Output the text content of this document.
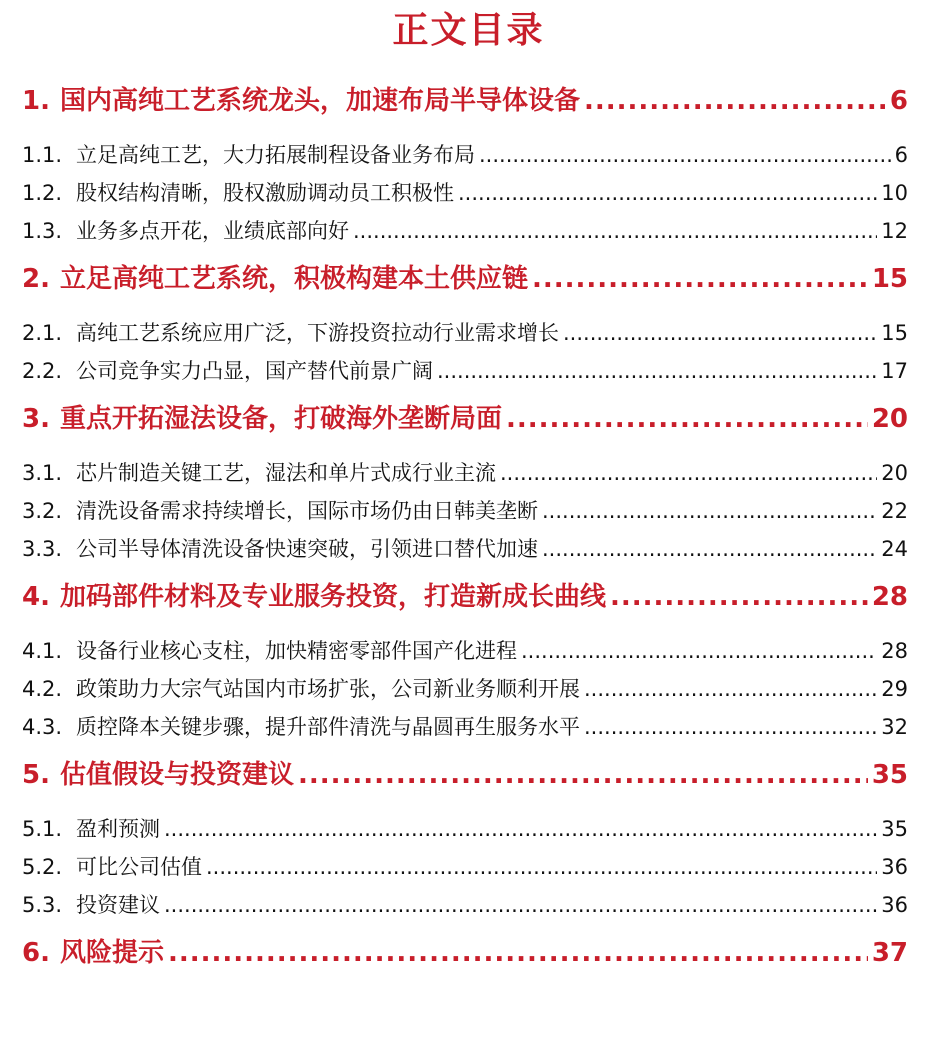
正文目录
1. 国内高纯工艺系统龙头，加速布局半导体设备 .....	6
1.1. 立足高纯工艺，大力拓展制程设备业务布局 .....	6
1.2. 股权结构清晰，股权激励调动员工积极性 .....	10
1.3. 业务多点开花，业绩底部向好 .....	12
2. 立足高纯工艺系统，积极构建本土供应链 .....	15
2.1. 高纯工艺系统应用广泛，下游投资拉动行业需求增长 .....	15
2.2. 公司竞争实力凸显，国产替代前景广阔 .....	17
3. 重点开拓湿法设备，打破海外垄断局面 .....	20
3.1. 芯片制造关键工艺，湿法和单片式成行业主流 .....	20
3.2. 清洗设备需求持续增长，国际市场仍由日韩美垄断 .....	22
3.3. 公司半导体清洗设备快速突破，引领进口替代加速 .....	24
4. 加码部件材料及专业服务投资，打造新成长曲线 .....	28
4.1. 设备行业核心支柱，加快精密零部件国产化进程 .....	28
4.2. 政策助力大宗气站国内市场扩张，公司新业务顺利开展 .....	29
4.3. 质控降本关键步骤，提升部件清洗与晶圆再生服务水平 .....	32
5. 估值假设与投资建议 .....	35
5.1. 盈利预测 .....	35
5.2. 可比公司估值 .....	36
5.3. 投资建议 .....	36
6. 风险提示 .....	37
